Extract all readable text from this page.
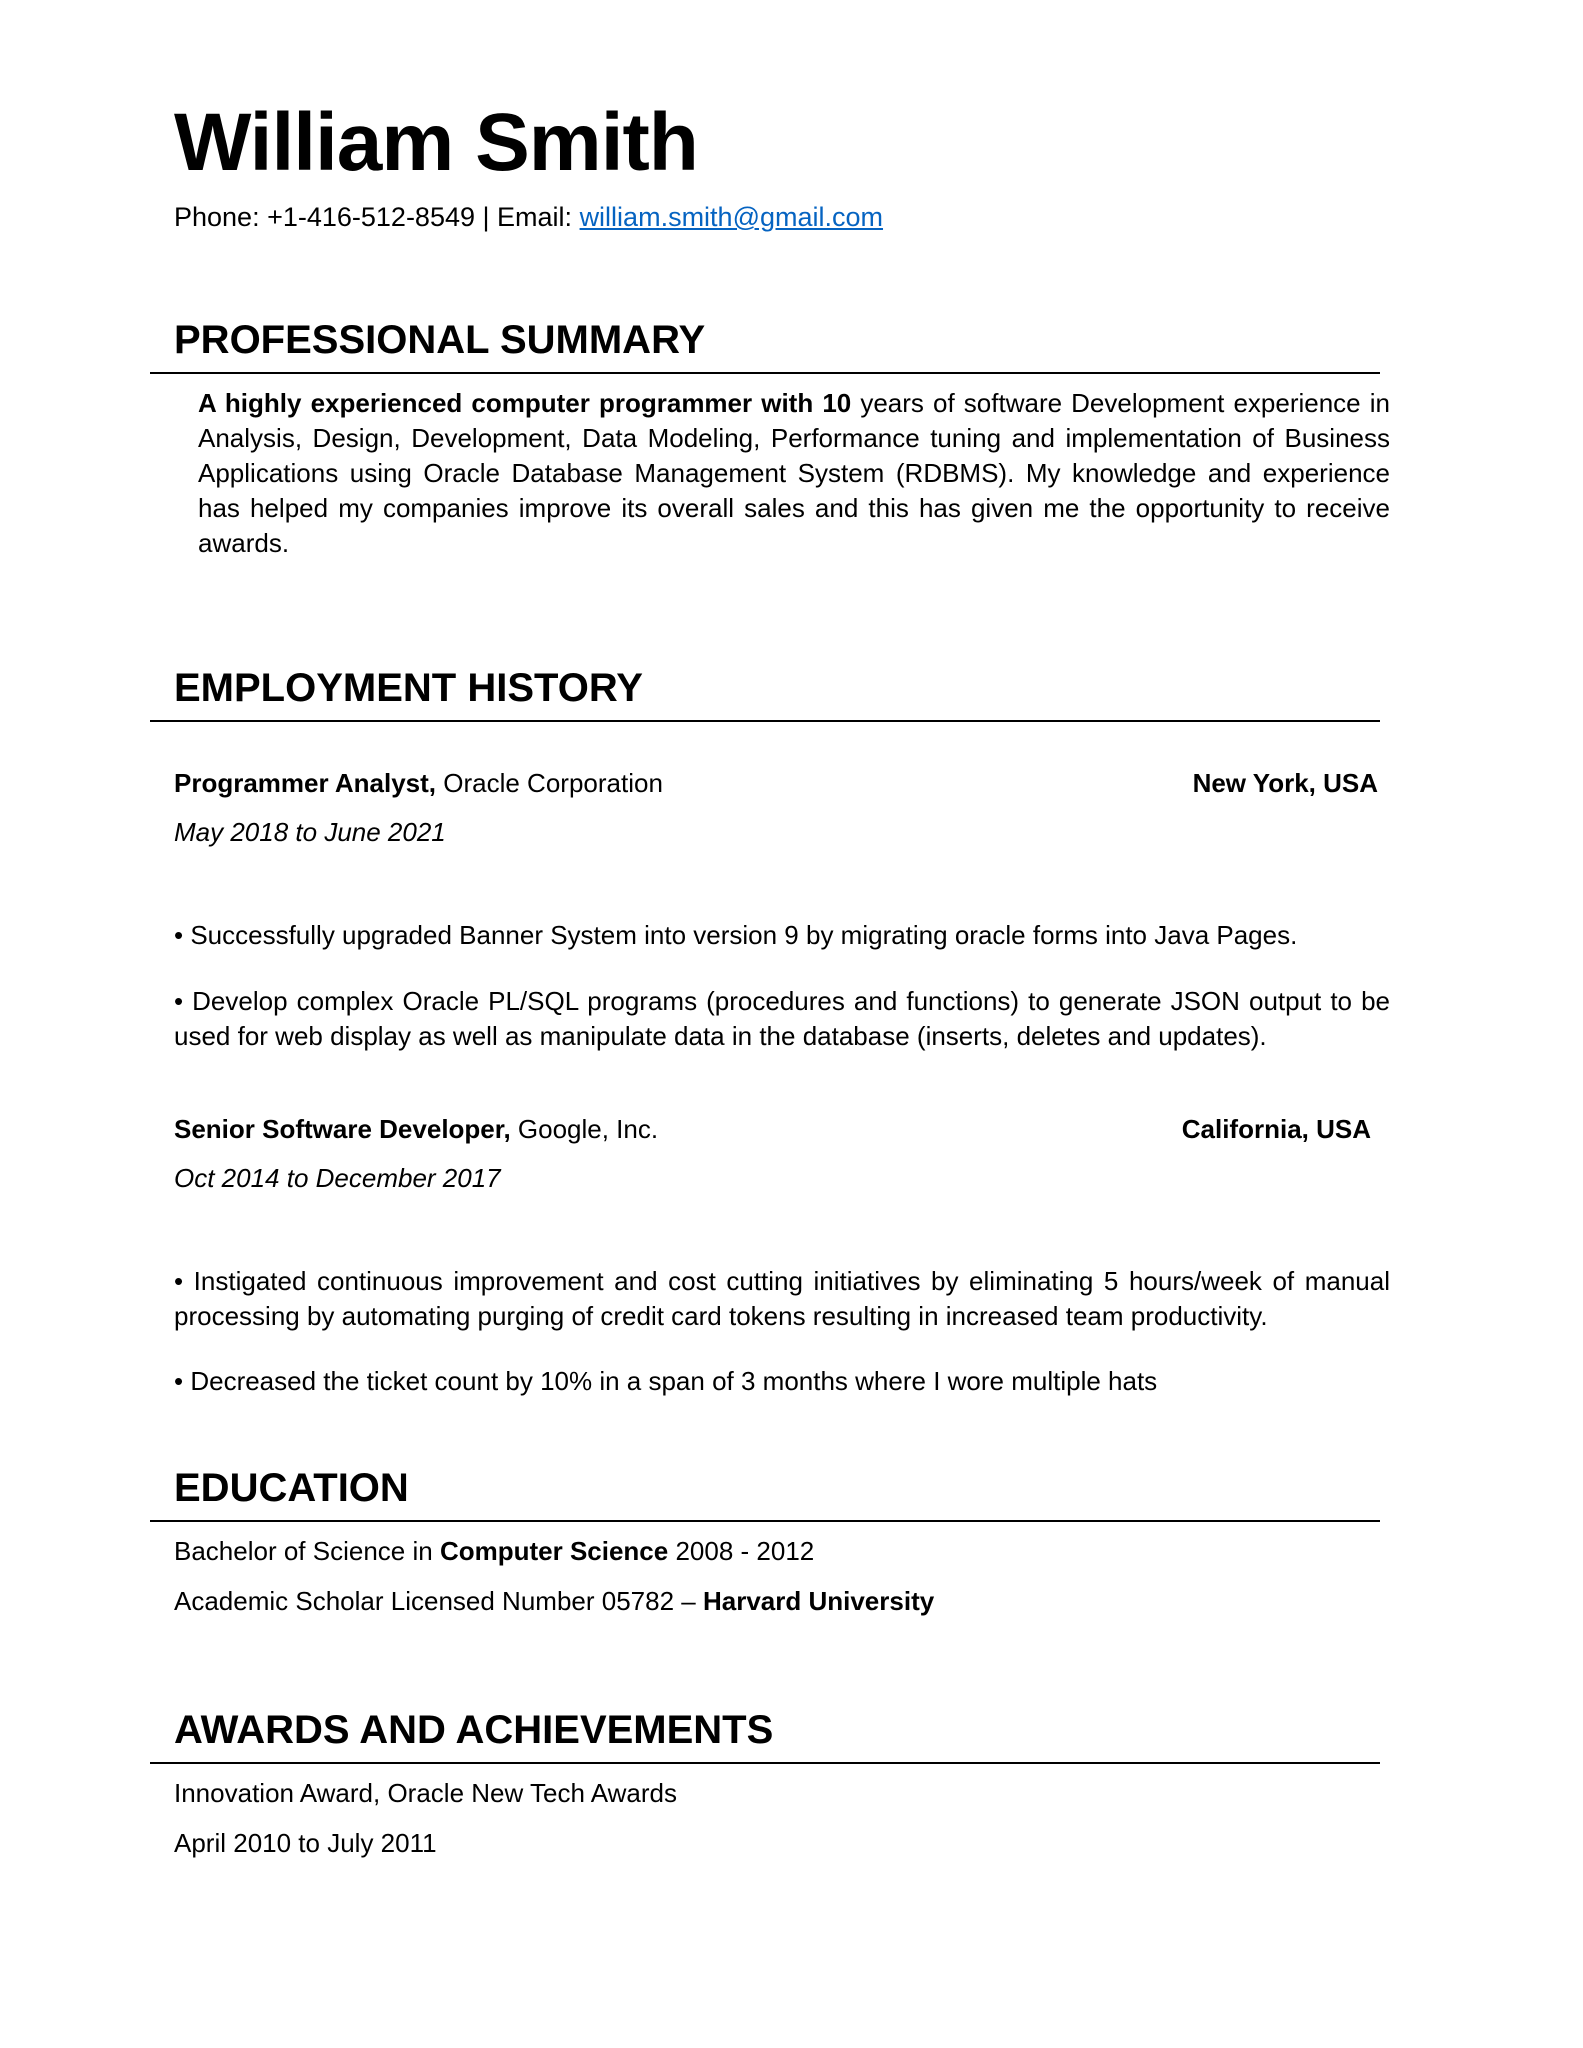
William Smith
Phone: +1-416-512-8549 | Email: william.smith@gmail.com
PROFESSIONAL SUMMARY
A highly experienced computer programmer with 10 years of software Development experience in Analysis, Design, Development, Data Modeling, Performance tuning and implementation of Business Applications using Oracle Database Management System (RDBMS). My knowledge and experience has helped my companies improve its overall sales and this has given me the opportunity to receive awards.
EMPLOYMENT HISTORY
Programmer Analyst, Oracle Corporation	New York, USA
May 2018 to June 2021
• Successfully upgraded Banner System into version 9 by migrating oracle forms into Java Pages.
• Develop complex Oracle PL/SQL programs (procedures and functions) to generate JSON output to be used for web display as well as manipulate data in the database (inserts, deletes and updates).
Senior Software Developer, Google, Inc.	California, USA
Oct 2014 to December 2017
• Instigated continuous improvement and cost cutting initiatives by eliminating 5 hours/week of manual processing by automating purging of credit card tokens resulting in increased team productivity.
• Decreased the ticket count by 10% in a span of 3 months where I wore multiple hats
EDUCATION
Bachelor of Science in Computer Science 2008 - 2012
Academic Scholar Licensed Number 05782 – Harvard University
AWARDS AND ACHIEVEMENTS
Innovation Award, Oracle New Tech Awards
April 2010 to July 2011
